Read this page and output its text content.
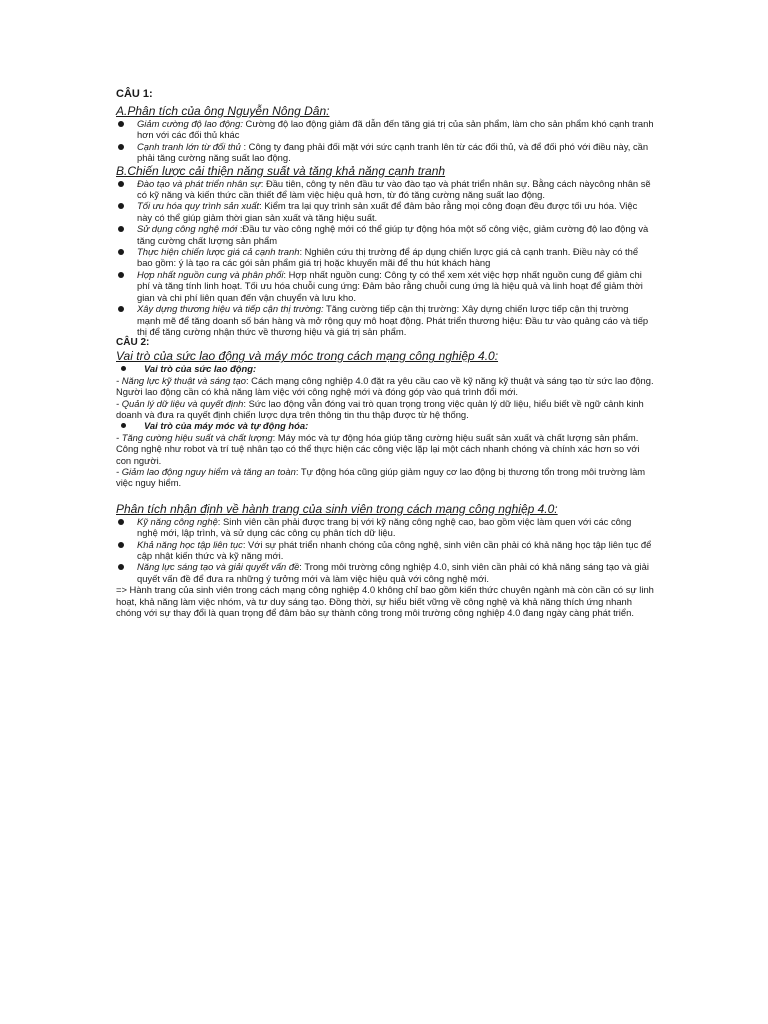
CÂU 1:
A.Phân tích của ông Nguyễn Nông Dân:
Giảm cường độ lao động: Cường độ lao động giảm đã dẫn đến tăng giá trị của sản phẩm, làm cho sản phẩm khó cạnh tranh hơn với các đối thủ khác
Cạnh tranh lớn từ đối thủ : Công ty đang phải đối mặt với sức cạnh tranh lên từ các đối thủ, và để đối phó với điều này, cần phải tăng cường năng suất lao động.
B.Chiến lược cải thiện năng suất và tăng khả năng cạnh tranh
Đào tạo và phát triển nhân sự: Đầu tiên, công ty nên đầu tư vào đào tạo và phát triển nhân sự. Bằng cách nàycông nhân sẽ có kỹ năng và kiến thức cần thiết để làm việc hiệu quả hơn, từ đó tăng cường năng suất lao động.
Tối ưu hóa quy trình sản xuất: Kiểm tra lại quy trình sản xuất để đảm bảo rằng mọi công đoạn đều được tối ưu hóa. Việc này có thể giúp giảm thời gian sản xuất và tăng hiệu suất.
Sử dụng công nghệ mới :Đầu tư vào công nghệ mới có thể giúp tự động hóa một số công việc, giảm cường độ lao động và tăng cường chất lượng sản phẩm
Thực hiện chiến lược giá cả cạnh tranh: Nghiên cứu thị trường để áp dụng chiến lược giá cả cạnh tranh. Điều này có thể bao gồm: ý là tạo ra các gói sản phẩm giá trị hoặc khuyến mãi để thu hút khách hàng
Hợp nhất nguồn cung và phân phối: Hợp nhất nguồn cung: Công ty có thể xem xét việc hợp nhất nguồn cung để giảm chi phí và tăng tính linh hoạt. Tối ưu hóa chuỗi cung ứng: Đảm bảo rằng chuỗi cung ứng là hiệu quả và linh hoạt để giảm thời gian và chi phí liên quan đến vận chuyển và lưu kho.
Xây dựng thương hiệu và tiếp cận thị trường: Tăng cường tiếp cận thị trường: Xây dựng chiến lược tiếp cận thị trường mạnh mẽ để tăng doanh số bán hàng và mở rộng quy mô hoạt động. Phát triển thương hiệu: Đầu tư vào quảng cáo và tiếp thị để tăng cường nhận thức về thương hiệu và giá trị sản phẩm.
CÂU 2:
Vai trò của sức lao động và máy móc trong cách mạng công nghiệp 4.0:
Vai trò của sức lao động:

- Năng lực kỹ thuật và sáng tạo: Cách mạng công nghiệp 4.0 đặt ra yêu cầu cao về kỹ năng kỹ thuật và sáng tạo từ sức lao động. Người lao động cần có khả năng làm việc với công nghệ mới và đóng góp vào quá trình đổi mới.

- Quản lý dữ liệu và quyết định: Sức lao động vẫn đóng vai trò quan trọng trong việc quản lý dữ liệu, hiểu biết về ngữ cảnh kinh doanh và đưa ra quyết định chiến lược dựa trên thông tin thu thập được từ hệ thống.

Vai trò của máy móc và tự động hóa:

- Tăng cường hiệu suất và chất lượng: Máy móc và tự động hóa giúp tăng cường hiệu suất sản xuất và chất lượng sản phẩm. Công nghệ như robot và trí tuệ nhân tạo có thể thực hiện các công việc lặp lại một cách nhanh chóng và chính xác hơn so với con người.

- Giảm lao động nguy hiểm và tăng an toàn: Tự động hóa cũng giúp giảm nguy cơ lao động bị thương tổn trong môi trường làm việc nguy hiểm.

Phân tích nhận định về hành trang của sinh viên trong cách mạng công nghiệp 4.0:
Kỹ năng công nghệ: Sinh viên cần phải được trang bị với kỹ năng công nghệ cao, bao gồm việc làm quen với các công nghệ mới, lập trình, và sử dụng các công cụ phân tích dữ liệu.
Khả năng học tập liên tục: Với sự phát triển nhanh chóng của công nghệ, sinh viên cần phải có khả năng học tập liên tục để cập nhật kiến thức và kỹ năng mới.
Năng lực sáng tạo và giải quyết vấn đề: Trong môi trường công nghiệp 4.0, sinh viên cần phải có khả năng sáng tạo và giải quyết vấn đề để đưa ra những ý tưởng mới và làm việc hiệu quả với công nghệ mới.

=> Hành trang của sinh viên trong cách mạng công nghiệp 4.0 không chỉ bao gồm kiến thức chuyên ngành mà còn cần có sự linh hoạt, khả năng làm việc nhóm, và tư duy sáng tạo. Đồng thời, sự hiểu biết vững về công nghệ và khả năng thích ứng nhanh chóng với sự thay đổi là quan trọng để đảm bảo sự thành công trong môi trường công nghiệp 4.0 đang ngày càng phát triển.
